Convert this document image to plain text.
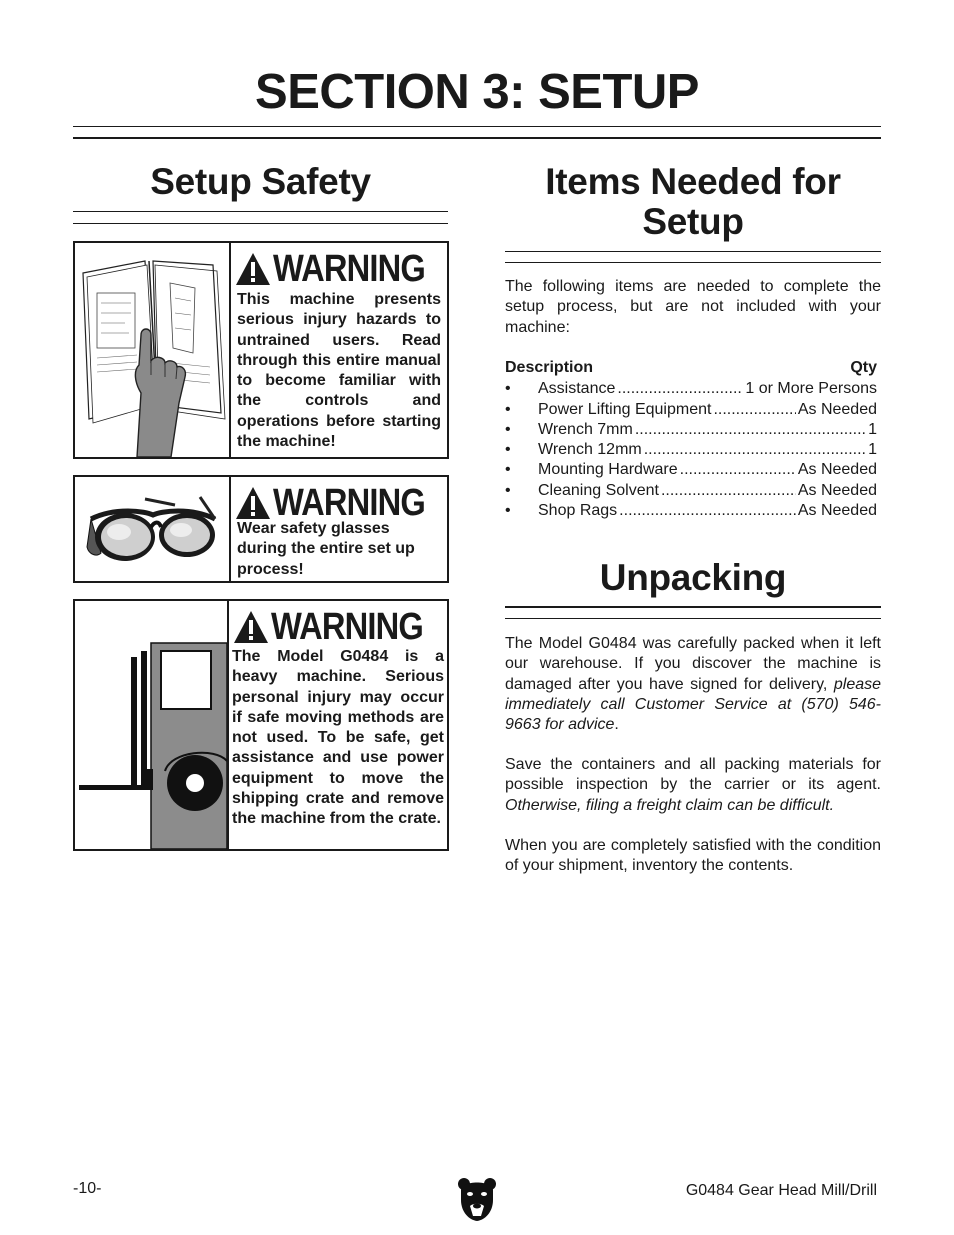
SECTION 3: SETUP
Setup Safety
WARNING
This machine presents serious injury hazards to untrained users. Read through this entire manual to become familiar with the controls and operations before starting the machine!
WARNING
Wear safety glasses during the entire set up process!
WARNING
The Model G0484 is a heavy machine. Serious personal injury may occur if safe moving methods are not used. To be safe, get assistance and use power equipment to move the shipping crate and remove the machine from the crate.
Items Needed for
Setup
The following items are needed to complete the setup process, but are not included with your machine:
Description	Qty
• Assistance .....	1 or More Persons
• Power Lifting Equipment .....	As Needed
• Wrench 7mm .....	1
• Wrench 12mm .....	1
• Mounting Hardware .....	As Needed
• Cleaning Solvent .....	As Needed
• Shop Rags .....	As Needed
Unpacking
The Model G0484 was carefully packed when it left our warehouse. If you discover the machine is damaged after you have signed for delivery, please immediately call Customer Service at (570) 546-9663 for advice.
Save the containers and all packing materials for possible inspection by the carrier or its agent. Otherwise, filing a freight claim can be difficult.
When you are completely satisfied with the condition of your shipment, inventory the contents.
-10-	G0484 Gear Head Mill/Drill
